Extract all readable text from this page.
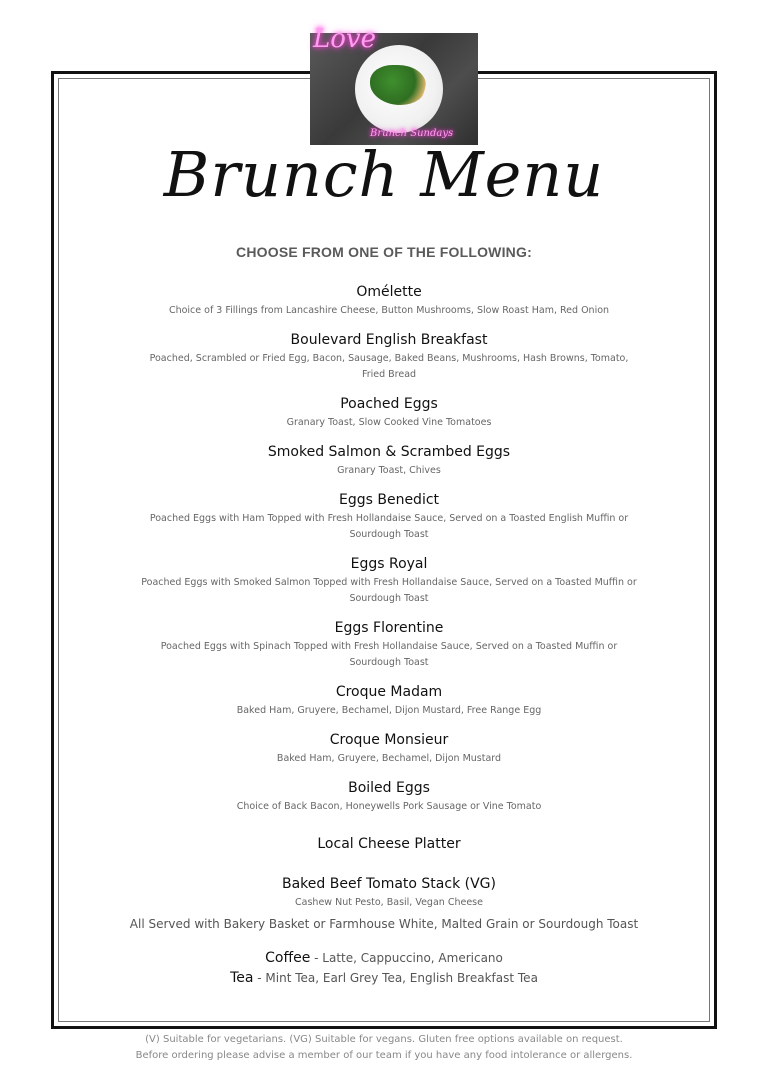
Love
Brunch Sundays
Brunch Menu
CHOOSE FROM ONE OF THE FOLLOWING:
Omélette
Choice of 3 Fillings from Lancashire Cheese, Button Mushrooms, Slow Roast Ham, Red Onion
Boulevard English Breakfast
Poached, Scrambled or Fried Egg, Bacon, Sausage, Baked Beans, Mushrooms, Hash Browns, Tomato, Fried Bread
Poached Eggs
Granary Toast, Slow Cooked Vine Tomatoes
Smoked Salmon & Scrambed Eggs
Granary Toast, Chives
Eggs Benedict
Poached Eggs with Ham Topped with Fresh Hollandaise Sauce, Served on a Toasted English Muffin or Sourdough Toast
Eggs Royal
Poached Eggs with Smoked Salmon Topped with Fresh Hollandaise Sauce, Served on a Toasted Muffin or Sourdough Toast
Eggs Florentine
Poached Eggs with Spinach Topped with Fresh Hollandaise Sauce, Served on a Toasted Muffin or Sourdough Toast
Croque Madam
Baked Ham, Gruyere, Bechamel, Dijon Mustard, Free Range Egg
Croque Monsieur
Baked Ham, Gruyere, Bechamel, Dijon Mustard
Boiled Eggs
Choice of Back Bacon, Honeywells Pork Sausage or Vine Tomato
Local Cheese Platter
Baked Beef Tomato Stack (VG)
Cashew Nut Pesto, Basil, Vegan Cheese
All Served with Bakery Basket or Farmhouse White, Malted Grain or Sourdough Toast
Coffee - Latte, Cappuccino, Americano
Tea - Mint Tea, Earl Grey Tea, English Breakfast Tea
(V) Suitable for vegetarians. (VG) Suitable for vegans. Gluten free options available on request.
Before ordering please advise a member of our team if you have any food intolerance or allergens.
